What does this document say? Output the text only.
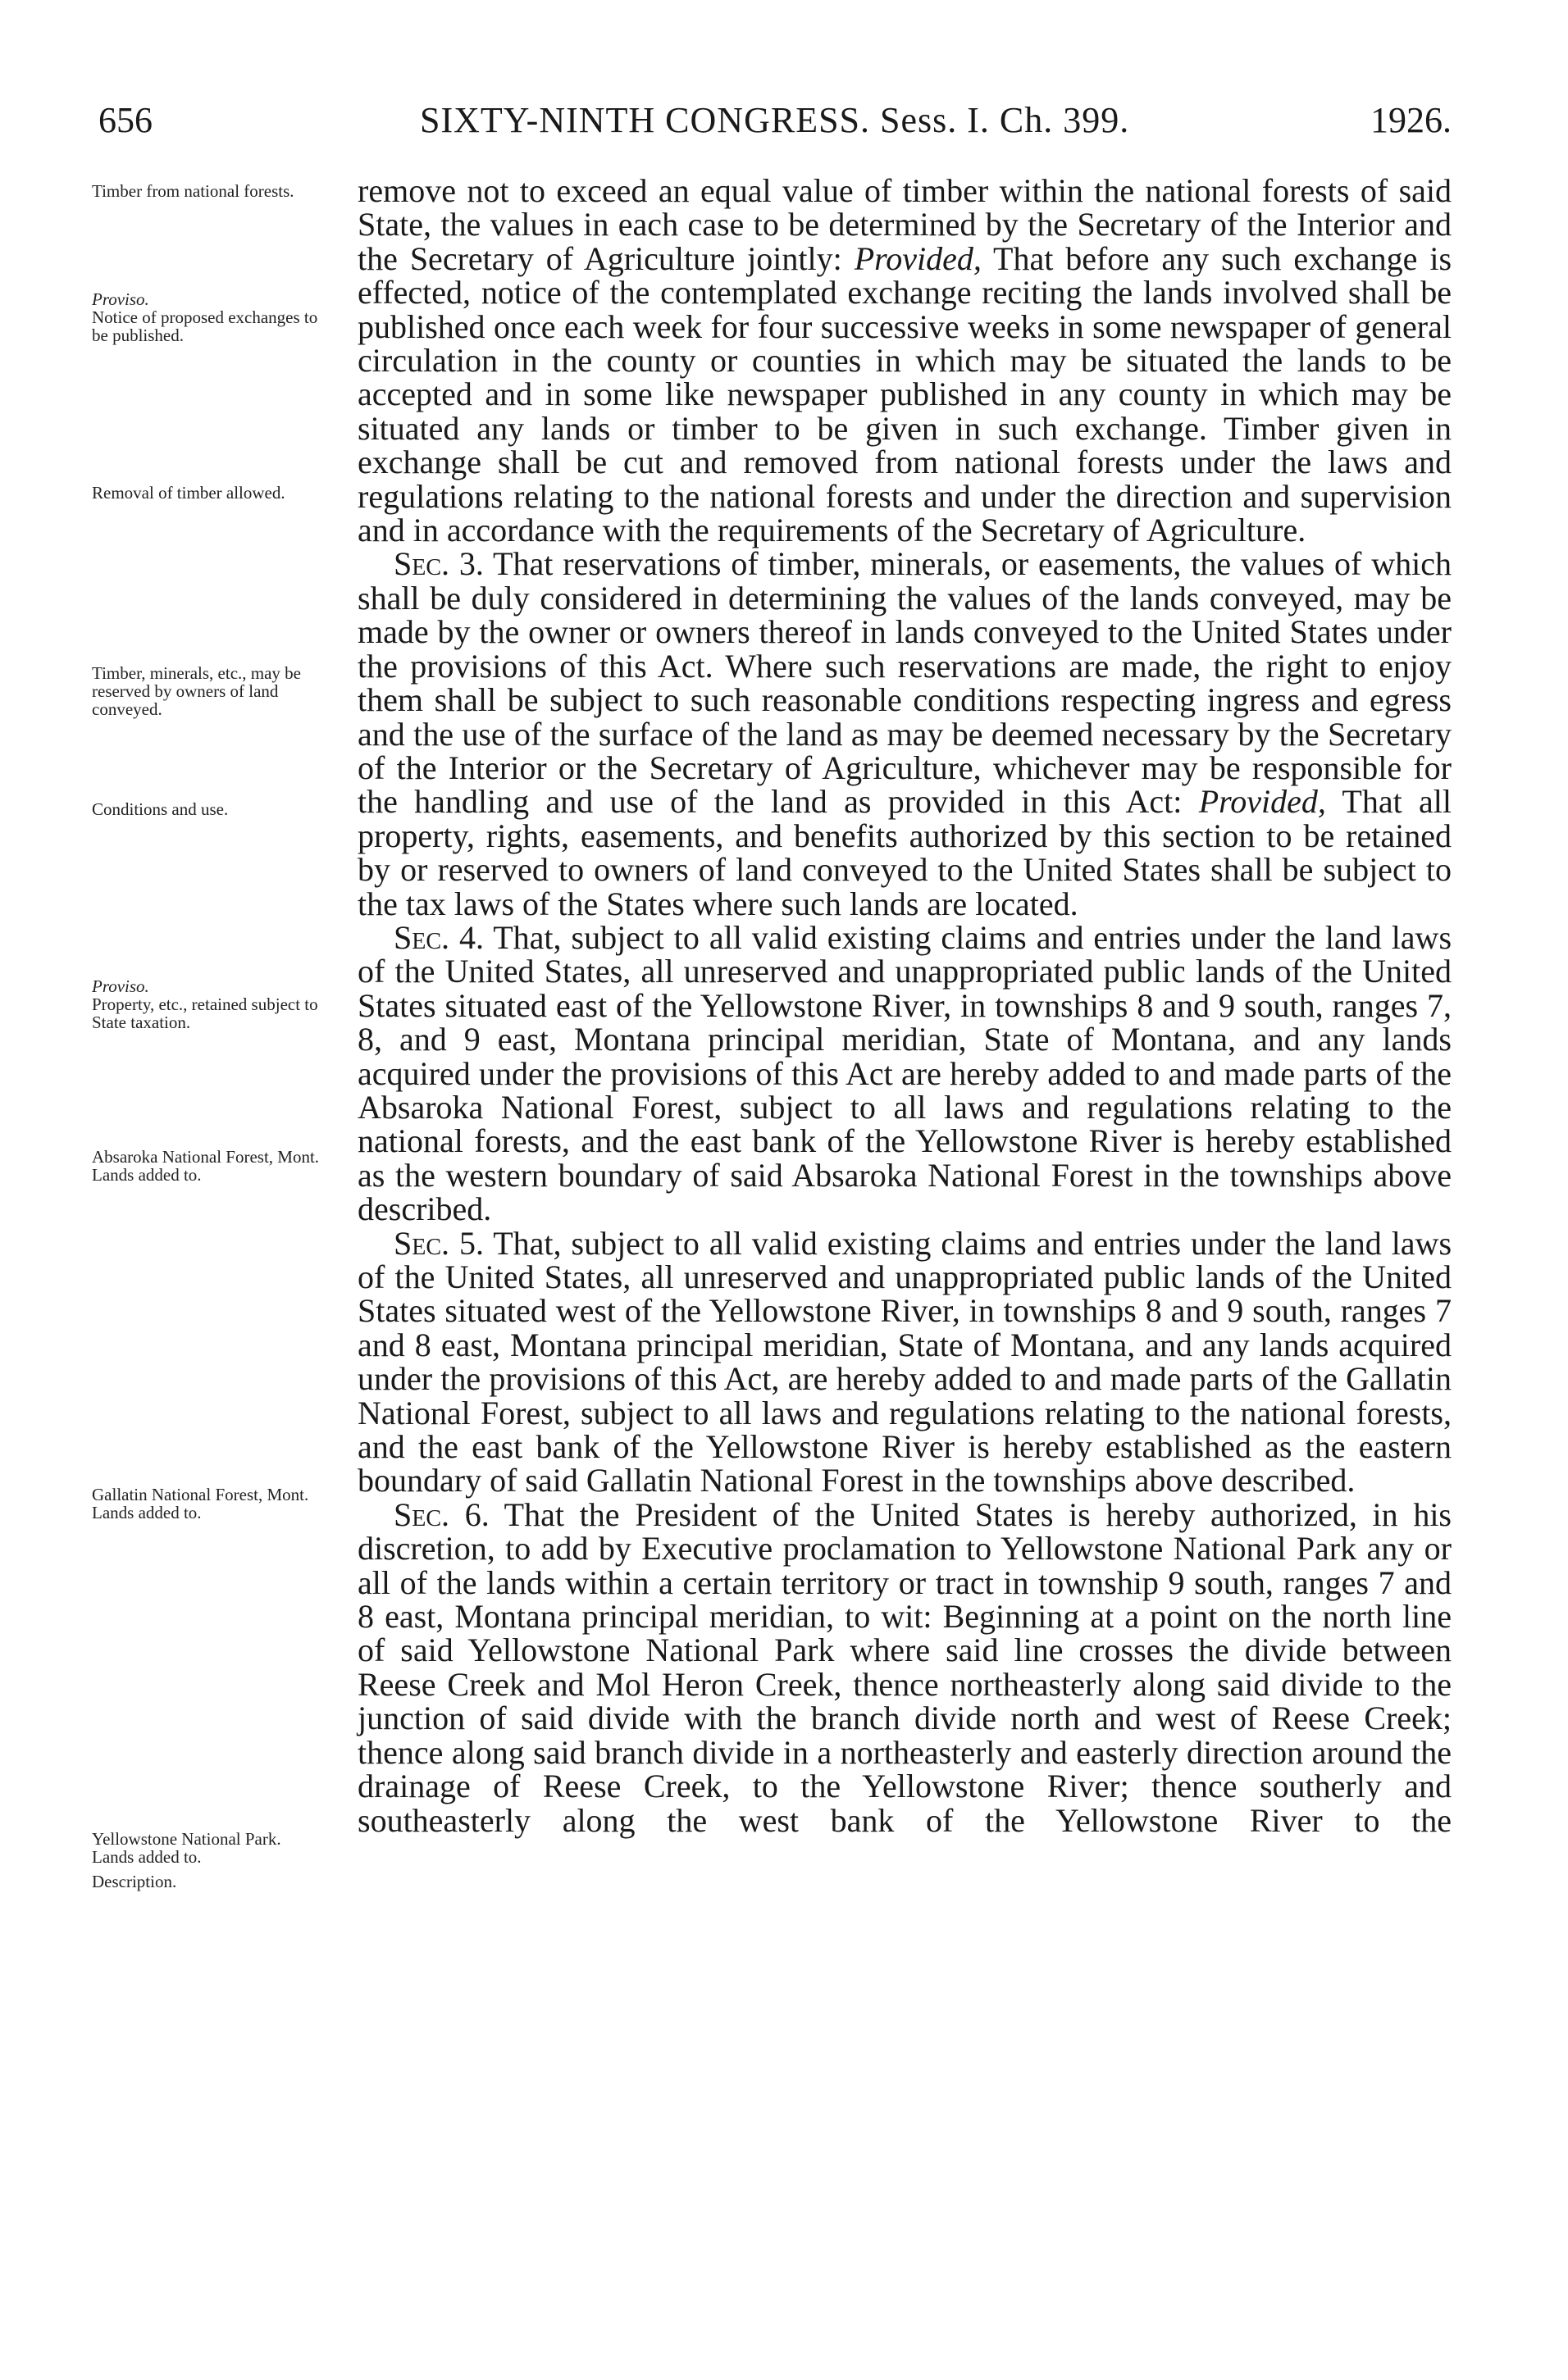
656	SIXTY-NINTH CONGRESS. Sess. I. Ch. 399.	1926.
Timber from national forests.
Proviso.
Notice of proposed exchanges to be published.
Removal of timber allowed.
Timber, minerals, etc., may be reserved by owners of land conveyed.
Conditions and use.
Proviso.
Property, etc., retained subject to State taxation.
Absaroka National Forest, Mont.
Lands added to.
Gallatin National Forest, Mont.
Lands added to.
Yellowstone National Park.
Lands added to.
Description.

remove not to exceed an equal value of timber within the national forests of said State, the values in each case to be determined by the Secretary of the Interior and the Secretary of Agriculture jointly: Provided, That before any such exchange is effected, notice of the contemplated exchange reciting the lands involved shall be published once each week for four successive weeks in some newspaper of general circulation in the county or counties in which may be situated the lands to be accepted and in some like newspaper published in any county in which may be situated any lands or timber to be given in such exchange. Timber given in exchange shall be cut and removed from national forests under the laws and regulations relating to the national forests and under the direction and supervision and in accordance with the requirements of the Secretary of Agriculture.

Sec. 3. That reservations of timber, minerals, or easements, the values of which shall be duly considered in determining the values of the lands conveyed, may be made by the owner or owners thereof in lands conveyed to the United States under the provisions of this Act. Where such reservations are made, the right to enjoy them shall be subject to such reasonable conditions respecting ingress and egress and the use of the surface of the land as may be deemed necessary by the Secretary of the Interior or the Secretary of Agriculture, whichever may be responsible for the handling and use of the land as provided in this Act: Provided, That all property, rights, easements, and benefits authorized by this section to be retained by or reserved to owners of land conveyed to the United States shall be subject to the tax laws of the States where such lands are located.

Sec. 4. That, subject to all valid existing claims and entries under the land laws of the United States, all unreserved and unappropriated public lands of the United States situated east of the Yellowstone River, in townships 8 and 9 south, ranges 7, 8, and 9 east, Montana principal meridian, State of Montana, and any lands acquired under the provisions of this Act are hereby added to and made parts of the Absaroka National Forest, subject to all laws and regulations relating to the national forests, and the east bank of the Yellowstone River is hereby established as the western boundary of said Absaroka National Forest in the townships above described.

Sec. 5. That, subject to all valid existing claims and entries under the land laws of the United States, all unreserved and unappropriated public lands of the United States situated west of the Yellowstone River, in townships 8 and 9 south, ranges 7 and 8 east, Montana principal meridian, State of Montana, and any lands acquired under the provisions of this Act, are hereby added to and made parts of the Gallatin National Forest, subject to all laws and regulations relating to the national forests, and the east bank of the Yellowstone River is hereby established as the eastern boundary of said Gallatin National Forest in the townships above described.

Sec. 6. That the President of the United States is hereby authorized, in his discretion, to add by Executive proclamation to Yellowstone National Park any or all of the lands within a certain territory or tract in township 9 south, ranges 7 and 8 east, Montana principal meridian, to wit: Beginning at a point on the north line of said Yellowstone National Park where said line crosses the divide between Reese Creek and Mol Heron Creek, thence northeasterly along said divide to the junction of said divide with the branch divide north and west of Reese Creek; thence along said branch divide in a northeasterly and easterly direction around the drainage of Reese Creek, to the Yellowstone River; thence southerly and southeasterly along the west bank of the Yellowstone River to the
